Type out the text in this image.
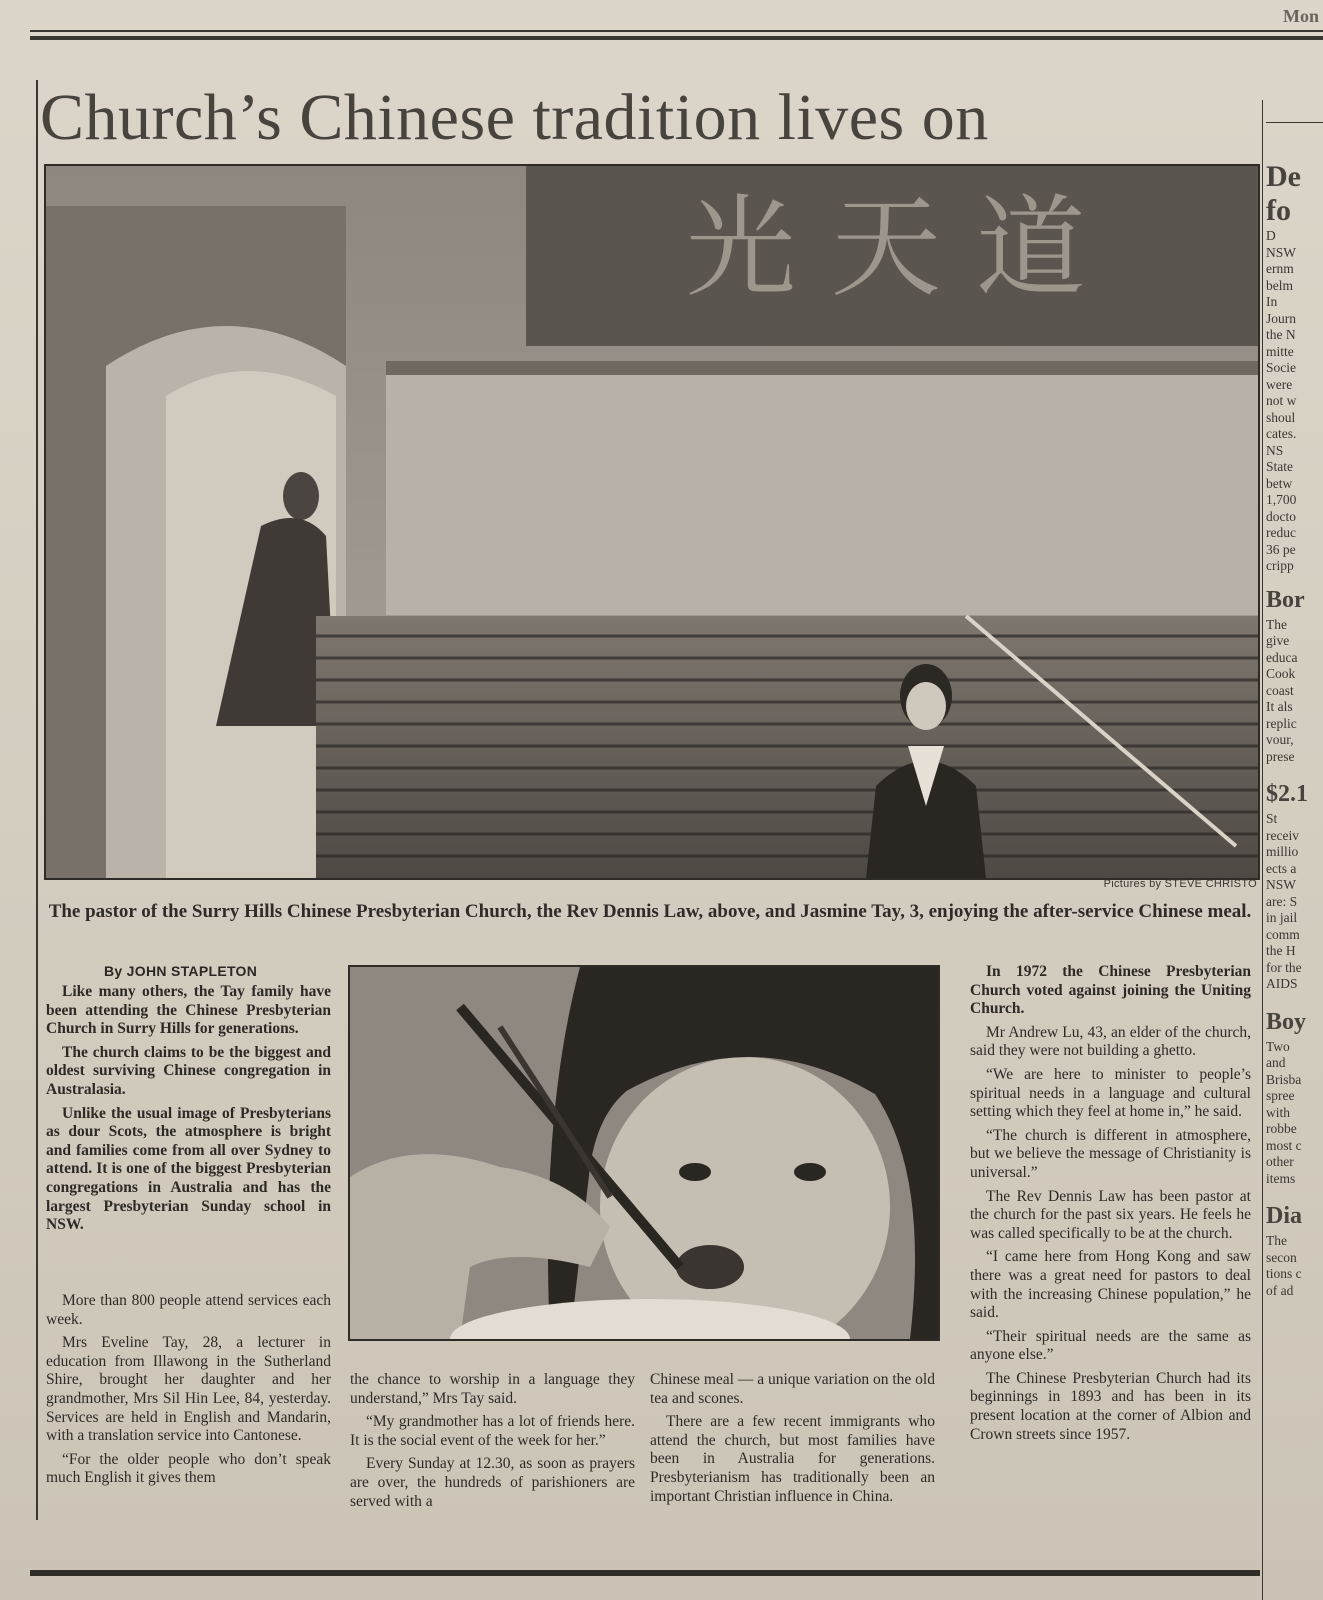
Mon
Church’s Chinese tradition lives on
光 天 道
Pictures by STEVE CHRISTO
The pastor of the Surry Hills Chinese Presbyterian Church, the Rev Dennis Law, above, and Jasmine Tay, 3, enjoying the after-service Chinese meal.
By JOHN STAPLETON

Like many others, the Tay family have been attending the Chinese Presbyterian Church in Surry Hills for generations.

The church claims to be the biggest and oldest surviving Chinese congregation in Australasia.

Unlike the usual image of Presbyterians as dour Scots, the atmosphere is bright and families come from all over Sydney to attend. It is one of the biggest Presbyterian congregations in Australia and has the largest Presbyterian Sunday school in NSW.

More than 800 people attend services each week.

Mrs Eveline Tay, 28, a lecturer in education from Illawong in the Sutherland Shire, brought her daughter and her grandmother, Mrs Sil Hin Lee, 84, yesterday. Services are held in English and Mandarin, with a translation service into Cantonese.

“For the older people who don’t speak much English it gives them

the chance to worship in a language they understand,” Mrs Tay said.

“My grandmother has a lot of friends here. It is the social event of the week for her.”

Every Sunday at 12.30, as soon as prayers are over, the hundreds of parishioners are served with a

Chinese meal — a unique variation on the old tea and scones.

There are a few recent immigrants who attend the church, but most families have been in Australia for generations. Presbyterianism has traditionally been an important Christian influence in China.

In 1972 the Chinese Presbyterian Church voted against joining the Uniting Church.

Mr Andrew Lu, 43, an elder of the church, said they were not building a ghetto.

“We are here to minister to people’s spiritual needs in a language and cultural setting which they feel at home in,” he said.

“The church is different in atmosphere, but we believe the message of Christianity is universal.”

The Rev Dennis Law has been pastor at the church for the past six years. He feels he was called specifically to be at the church.

“I came here from Hong Kong and saw there was a great need for pastors to deal with the increasing Chinese population,” he said.

“Their spiritual needs are the same as anyone else.”

The Chinese Presbyterian Church had its beginnings in 1893 and has been in its present location at the corner of Albion and Crown streets since 1957.

De
fo
D
NSW
ernm
belm
In
Journ
the N
mitte
Socie
were
not w
shoul
cates.
NS
State
betw
1,700
docto
reduc
36 pe
cripp
Bor
The
give
educa
Cook
coast
It als
replic
vour,
prese
$2.1
St
receiv
millio
ects a
NSW
are: S
in jail
comm
the H
for the
AIDS
Boy
Two
and
Brisba
spree
with
robbe
most c
other
items
Dia
The
secon
tions c
of ad
